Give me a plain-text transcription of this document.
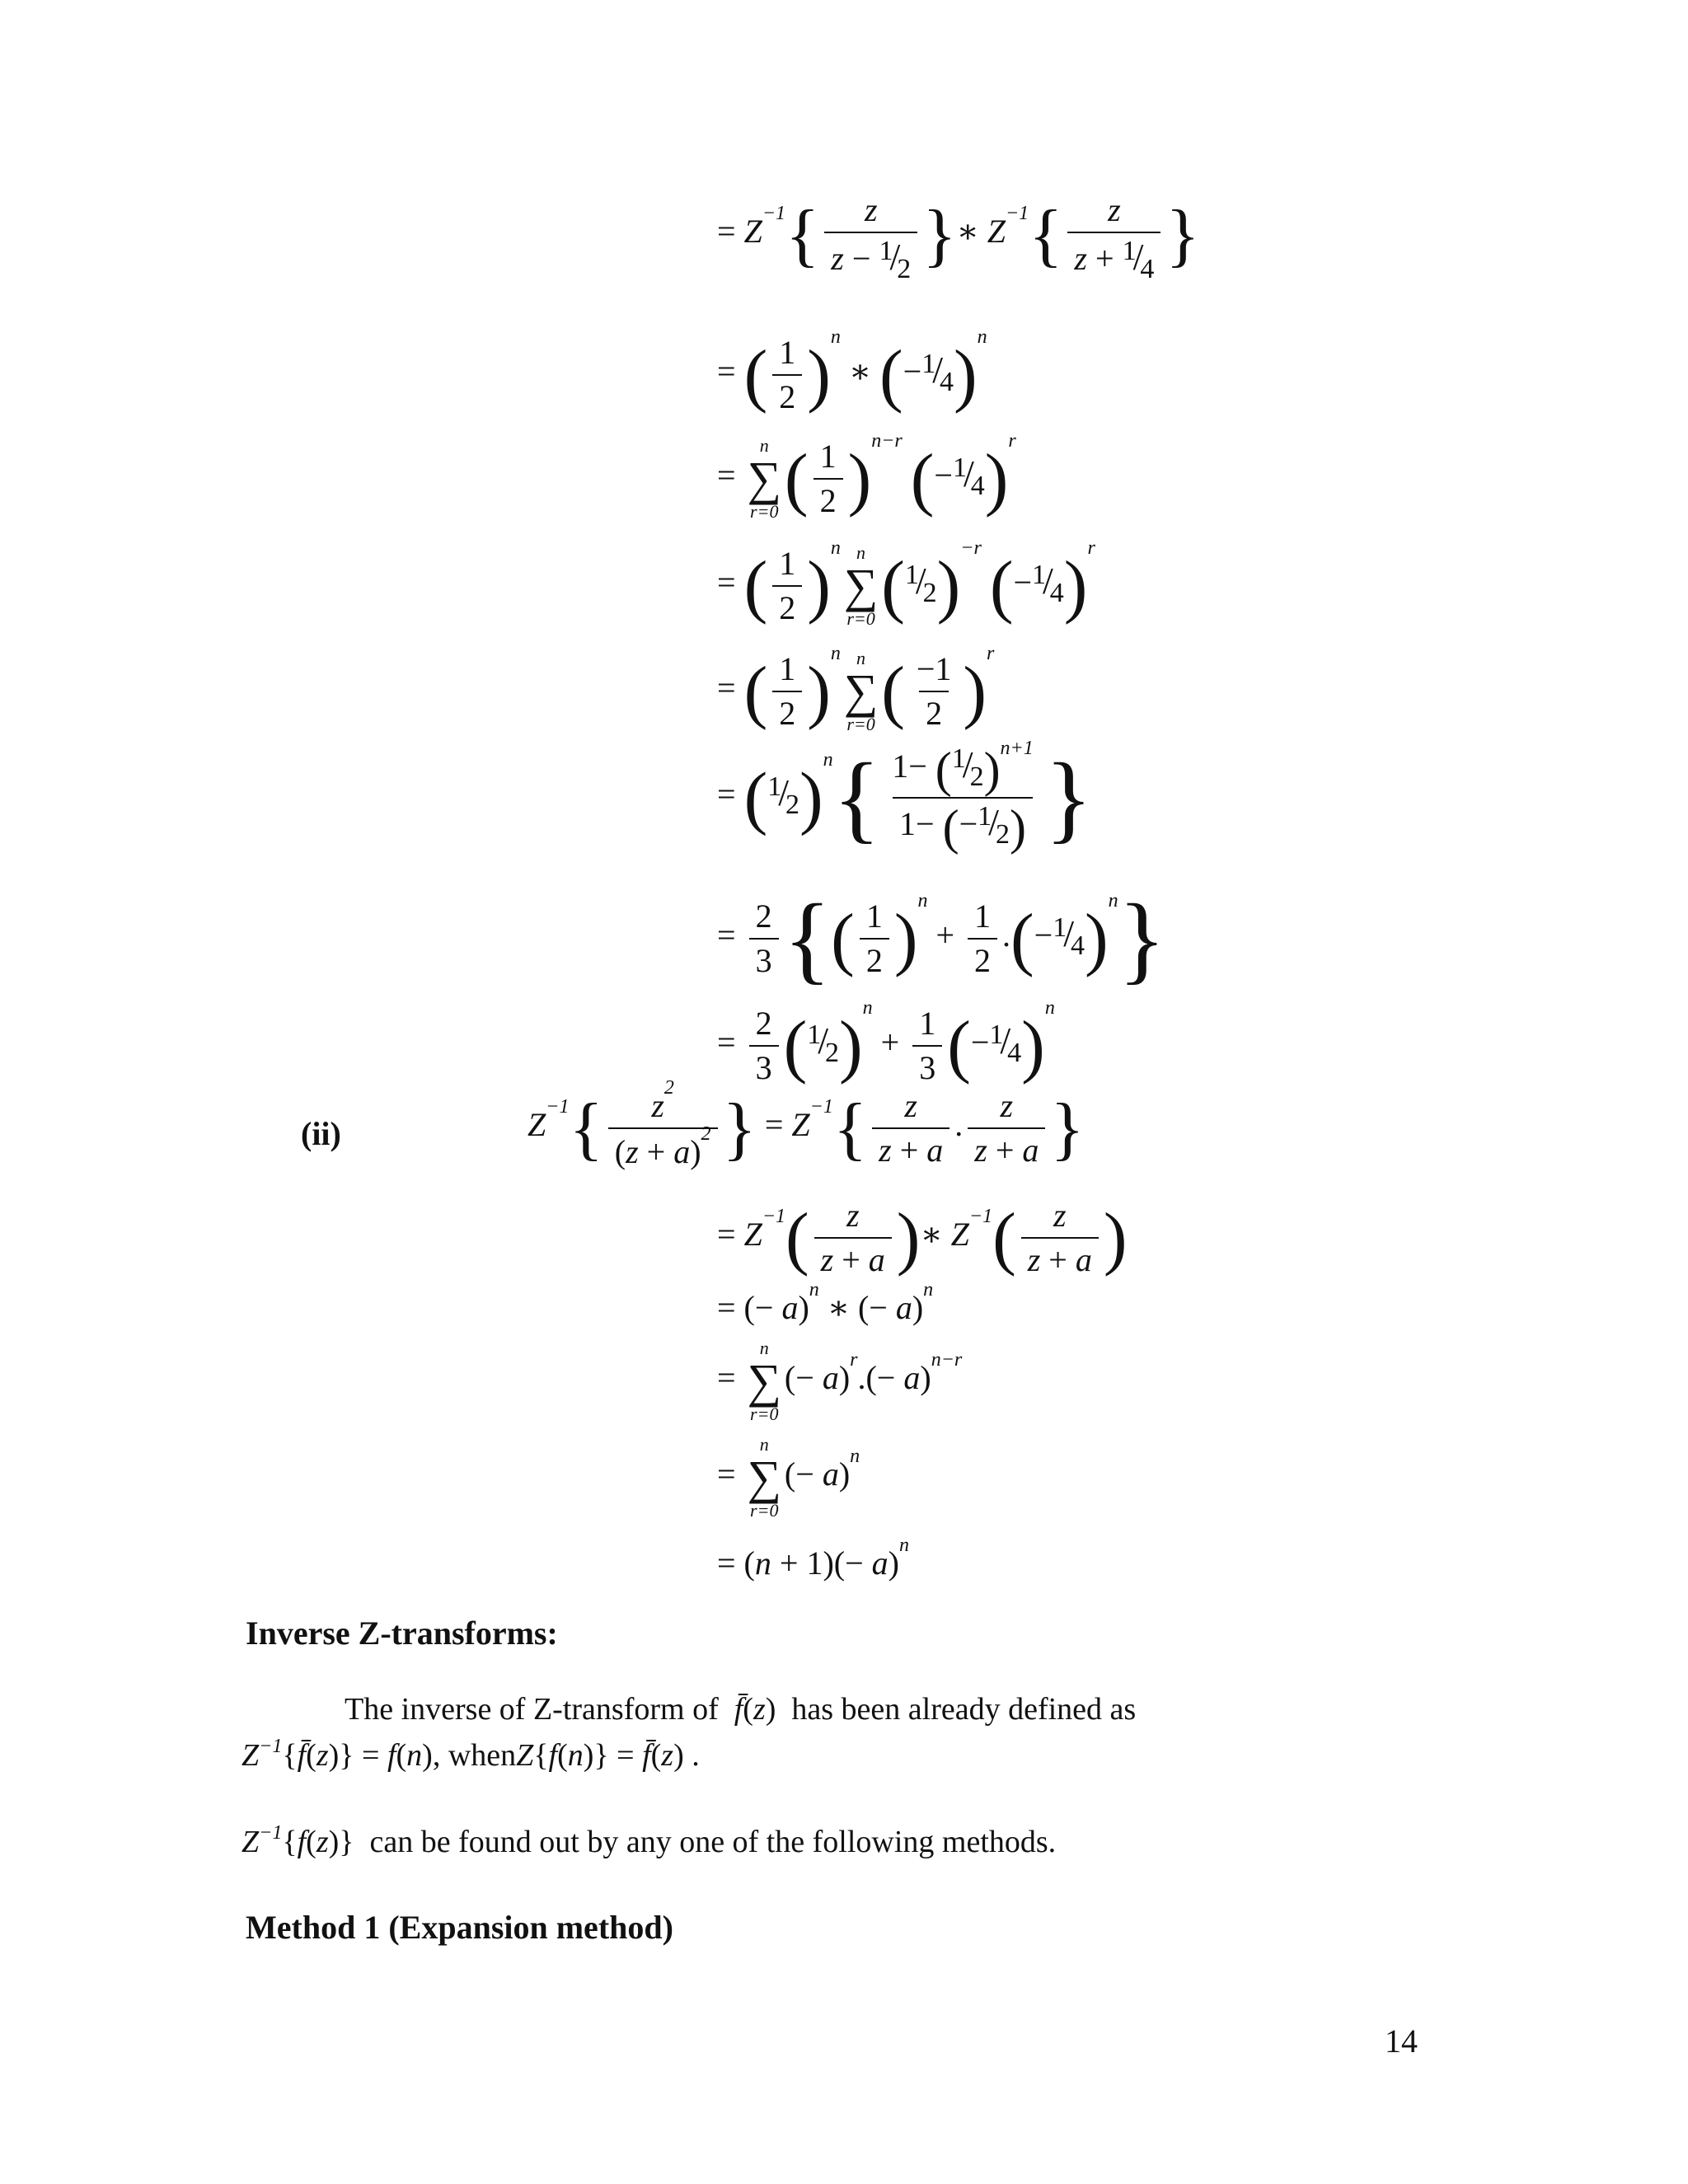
= $Z^{-1}\{ \frac{z}{z - ^1/_2}$ }∗ $Z^{-1}\{ \frac{z}{z + ^1/_4}$ }
= ( $\frac{1}{2} )^n$ ∗ $(-^1/_4)^n$
=
n
∑
r=0 ( $\frac{1}{2} )^{n-r}$ $(-^1/_4)^r$
= ( $\frac{1}{2} )^n$ n
∑
r=0 $(^1/_2)^{-r}$ $(-^1/_4)^r$
= ( $\frac{1}{2} )^n$ n
∑
r=0 ( $\frac{-1}{2} )^r$
= $(^1/_2)^n\{ \frac{1- (^1/_2)^{n+1}}{1- (-^1/_2)}$ }
= $\frac{2}{3}$ {( $\frac{1}{2} )^n + \frac{1}{2} .(-^1/_4)^n$}
= $\frac{2}{3} (^1/_2)^n + \frac{1}{3} (-^1/_4)^n$
(ii)	$Z^{-1}\{ \frac{z^2}{(z + a)^2}$ } = $Z^{-1}\{ \frac{z}{z + a}$ . $\frac{z}{z + a}$ }
= $Z^{-1}( \frac{z}{z + a}$ )∗ $Z^{-1}( \frac{z}{z + a}$ )
= (− a)$^n$ ∗ (− a)$^n$
=
n
∑
r=0
(− $a)^r.(- a)^{n-r}$
=
n
∑
r=0
(− a)$^n$
= $(n + 1)(- a)^n$
Inverse Z-transforms:
The inverse of Z-transform of f̄(z)  has been already defined as
$Z^{-1}\{f̄(z)\} = f(n)$, whenZ{f(n)} = f̄(z) .
$Z^{-1}\{f(z)\}$  can be found out by any one of the following methods.
Method 1 (Expansion method)
14
